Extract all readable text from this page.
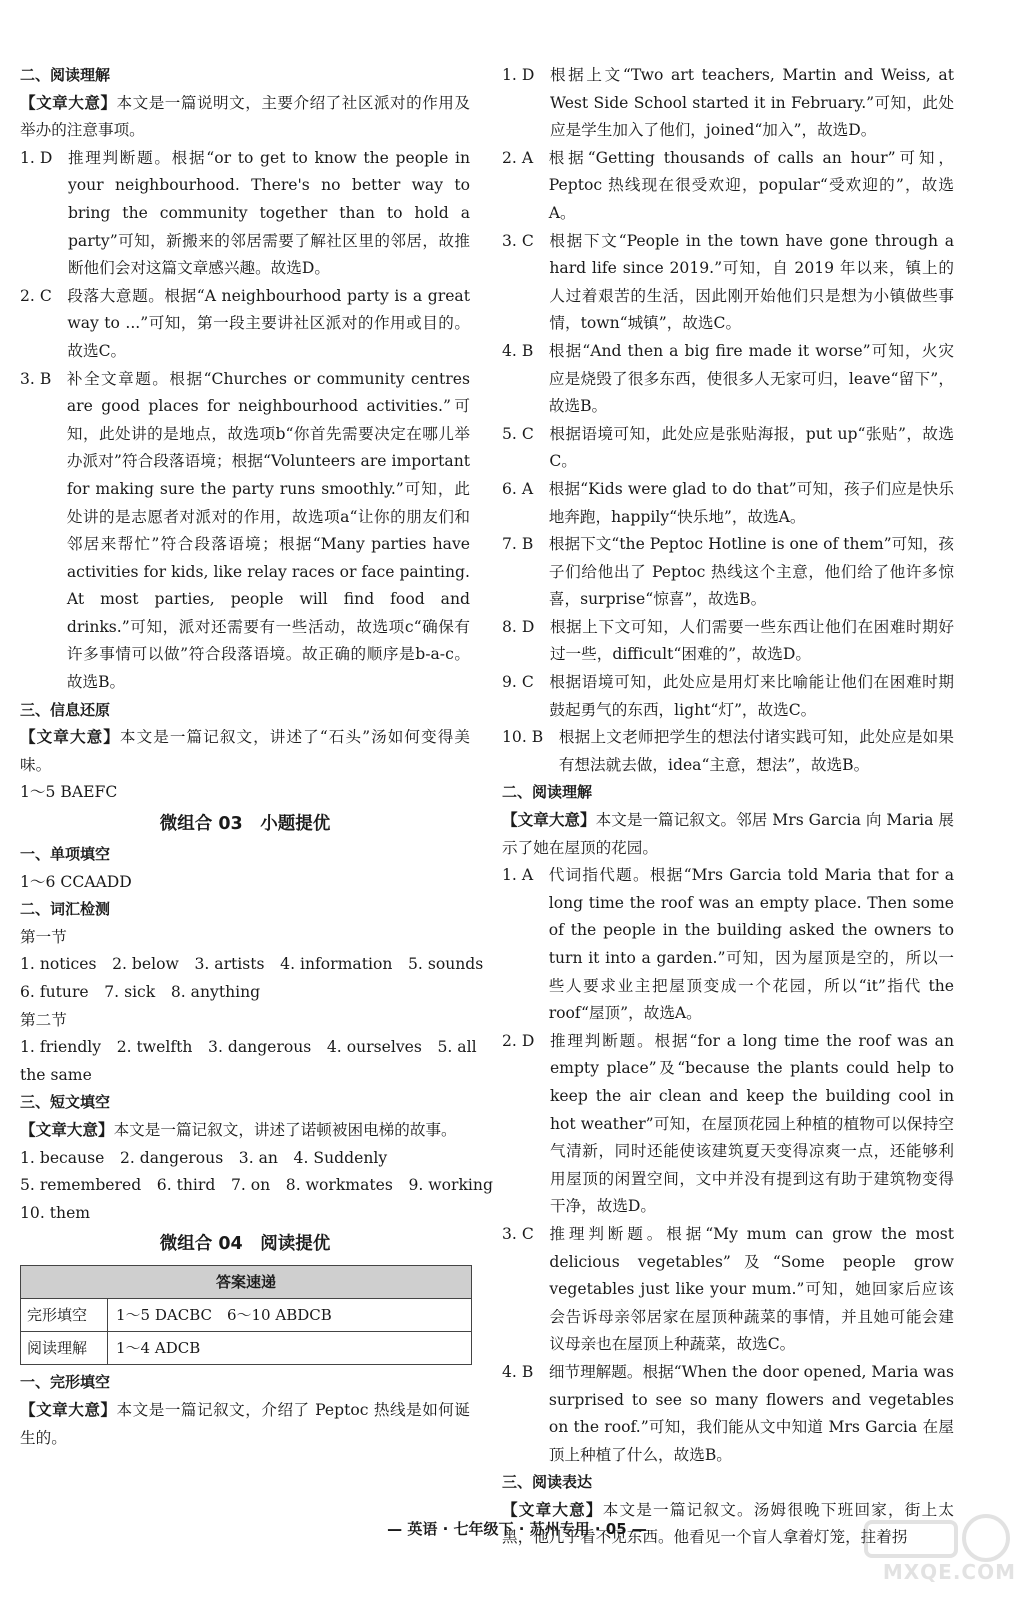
二、阅读理解

【文章大意】本文是一篇说明文，主要介绍了社区派对的作用及举办的注意事项。

1. D
   推理判断题。根据“or to get to know the people in your neighbourhood. There's no better way to bring the community together than to hold a party”可知，新搬来的邻居需要了解社区里的邻居，故推断他们会对这篇文章感兴趣。故选D。
2. C
   段落大意题。根据“A neighbourhood party is a great way to ...”可知，第一段主要讲社区派对的作用或目的。故选C。
3. B
   补全文章题。根据“Churches or community centres are good places for neighbourhood activities.”可知，此处讲的是地点，故选项b“你首先需要决定在哪儿举办派对”符合段落语境；根据“Volunteers are important for making sure the party runs smoothly.”可知，此处讲的是志愿者对派对的作用，故选项a“让你的朋友们和邻居来帮忙”符合段落语境；根据“Many parties have activities for kids, like relay races or face painting. At most parties, people will find food and drinks.”可知，派对还需要有一些活动，故选项c“确保有许多事情可以做”符合段落语境。故正确的顺序是b-a-c。故选B。
三、信息还原

【文章大意】本文是一篇记叙文，讲述了“石头”汤如何变得美味。

1～5 BAEFC

微组合 03　小题提优
一、单项填空

1～6 CCAADD

二、词汇检测

第一节

1. notices　2. below　3. artists　4. information　5. sounds

6. future　7. sick　8. anything

第二节

1. friendly　2. twelfth　3. dangerous　4. ourselves　5. all

the same

三、短文填空

【文章大意】本文是一篇记叙文，讲述了诺顿被困电梯的故事。

1. because　2. dangerous　3. an　4. Suddenly

5. remembered　6. third　7. on　8. workmates　9. working

10. them

微组合 04　阅读提优
答案速递	
完形填空	1～5 DACBC　6～10 ABDCB
阅读理解	1～4 ADCB
一、完形填空

【文章大意】本文是一篇记叙文，介绍了 Peptoc 热线是如何诞生的。

1. D
   根据上文“Two art teachers, Martin and Weiss, at West Side School started it in February.”可知，此处应是学生加入了他们，joined“加入”，故选D。
2. A
   根据“Getting thousands of calls an hour”可知，Peptoc 热线现在很受欢迎，popular“受欢迎的”，故选A。
3. C
   根据下文“People in the town have gone through a hard life since 2019.”可知，自 2019 年以来，镇上的人过着艰苦的生活，因此刚开始他们只是想为小镇做些事情，town“城镇”，故选C。
4. B
   根据“And then a big fire made it worse”可知，火灾应是烧毁了很多东西，使很多人无家可归，leave“留下”，故选B。
5. C
   根据语境可知，此处应是张贴海报，put up“张贴”，故选C。
6. A
   根据“Kids were glad to do that”可知，孩子们应是快乐地奔跑，happily“快乐地”，故选A。
7. B
   根据下文“the Peptoc Hotline is one of them”可知，孩子们给他出了 Peptoc 热线这个主意，他们给了他许多惊喜，surprise“惊喜”，故选B。
8. D
   根据上下文可知，人们需要一些东西让他们在困难时期好过一些，difficult“困难的”，故选D。
9. C
   根据语境可知，此处应是用灯来比喻能让他们在困难时期鼓起勇气的东西，light“灯”，故选C。
10. B
   根据上文老师把学生的想法付诸实践可知，此处应是如果有想法就去做，idea“主意，想法”，故选B。
二、阅读理解

【文章大意】本文是一篇记叙文。邻居 Mrs Garcia 向 Maria 展示了她在屋顶的花园。

1. A
   代词指代题。根据“Mrs Garcia told Maria that for a long time the roof was an empty place. Then some of the people in the building asked the owners to turn it into a garden.”可知，因为屋顶是空的，所以一些人要求业主把屋顶变成一个花园，所以“it”指代 the roof“屋顶”，故选A。
2. D
   推理判断题。根据“for a long time the roof was an empty place”及“because the plants could help to keep the air clean and keep the building cool in hot weather”可知，在屋顶花园上种植的植物可以保持空气清新，同时还能使该建筑夏天变得凉爽一点，还能够利用屋顶的闲置空间，文中并没有提到这有助于建筑物变得干净，故选D。
3. C
   推理判断题。根据“My mum can grow the most delicious vegetables”及“Some people grow vegetables just like your mum.”可知，她回家后应该会告诉母亲邻居家在屋顶种蔬菜的事情，并且她可能会建议母亲也在屋顶上种蔬菜，故选C。
4. B
   细节理解题。根据“When the door opened, Maria was surprised to see so many flowers and vegetables on the roof.”可知，我们能从文中知道 Mrs Garcia 在屋顶上种植了什么，故选B。
三、阅读表达

【文章大意】本文是一篇记叙文。汤姆很晚下班回家，街上太黑，他几乎看不见东西。他看见一个盲人拿着灯笼，拄着拐

— 英语 · 七年级下 · 苏州专用 · 05 —
MXQE.COM
